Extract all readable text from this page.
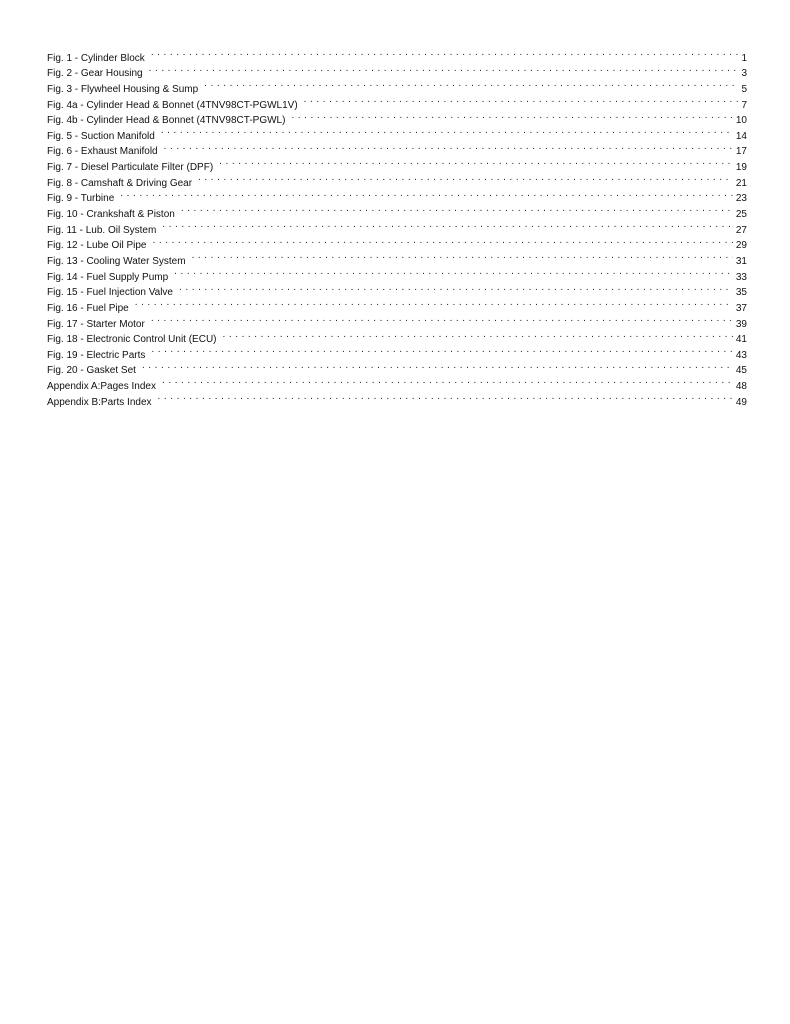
Fig. 1 - Cylinder Block . . .	1
Fig. 2 - Gear Housing . . .	3
Fig. 3 - Flywheel Housing & Sump . . .	5
Fig. 4a - Cylinder Head & Bonnet (4TNV98CT-PGWL1V) . . .	7
Fig. 4b - Cylinder Head & Bonnet (4TNV98CT-PGWL) . . .	10
Fig. 5 - Suction Manifold . . .	14
Fig. 6 - Exhaust Manifold . . .	17
Fig. 7 - Diesel Particulate Filter (DPF) . . .	19
Fig. 8 - Camshaft & Driving Gear . . .	21
Fig. 9 - Turbine . . .	23
Fig. 10 - Crankshaft & Piston . . .	25
Fig. 11 - Lub. Oil System . . .	27
Fig. 12 - Lube Oil Pipe . . .	29
Fig. 13 - Cooling Water System . . .	31
Fig. 14 - Fuel Supply Pump . . .	33
Fig. 15 - Fuel Injection Valve . . .	35
Fig. 16 - Fuel Pipe . . .	37
Fig. 17 - Starter Motor . . .	39
Fig. 18 - Electronic Control Unit (ECU) . . .	41
Fig. 19 - Electric Parts . . .	43
Fig. 20 - Gasket Set . . .	45
Appendix A:Pages Index . . .	48
Appendix B:Parts Index . . .	49
